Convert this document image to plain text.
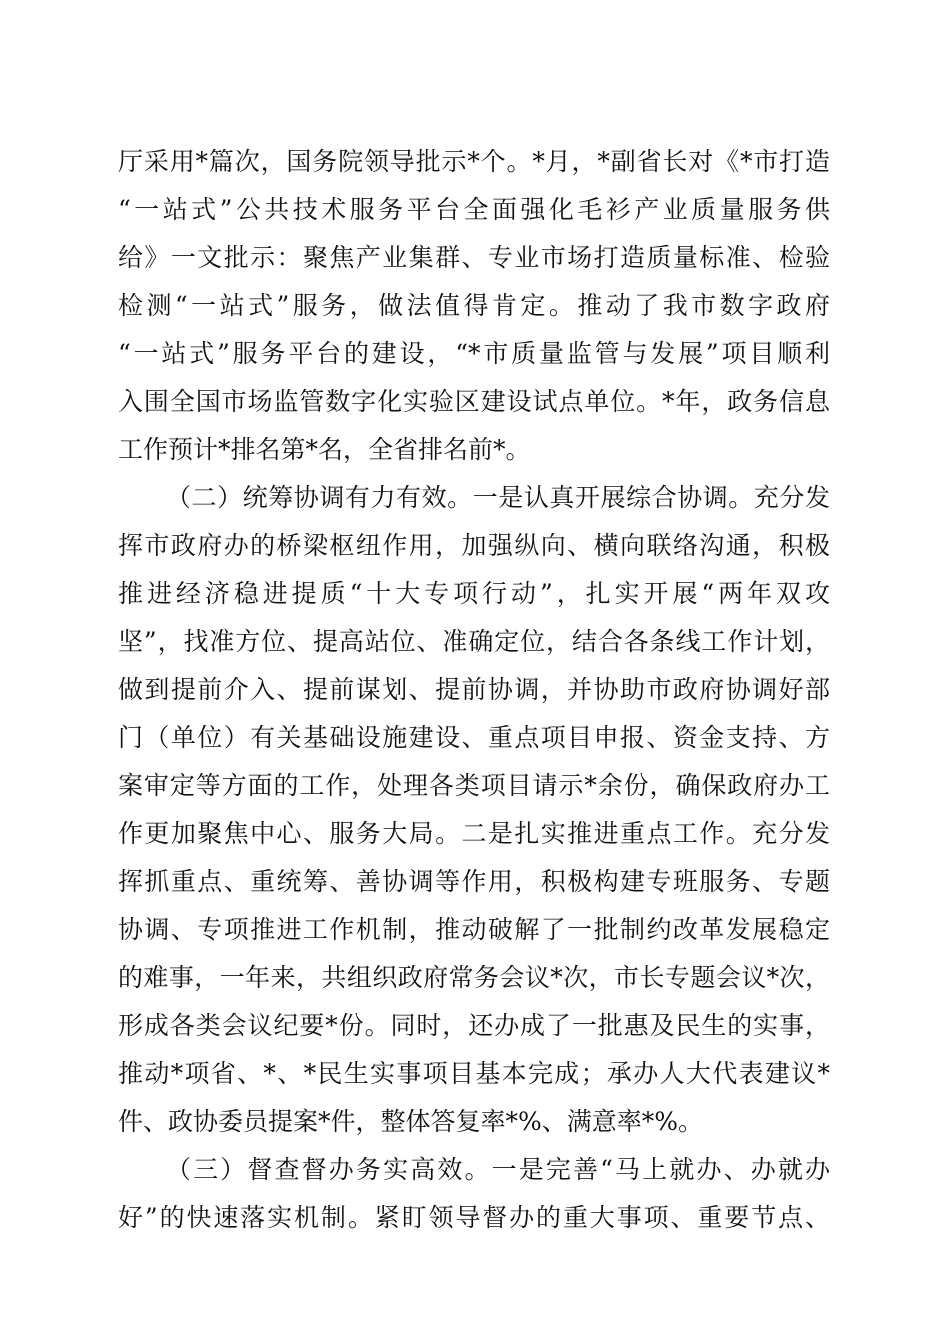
厅采用*篇次，国务院领导批示*个。*月，*副省长对《*市打造
“一站式”公共技术服务平台全面强化毛衫产业质量服务供
给》一文批示：聚焦产业集群、专业市场打造质量标准、检验
检测“一站式”服务，做法值得肯定。推动了我市数字政府
“一站式”服务平台的建设，“*市质量监管与发展”项目顺利
入围全国市场监管数字化实验区建设试点单位。*年，政务信息
工作预计*排名第*名，全省排名前*。
（二）统筹协调有力有效。一是认真开展综合协调。充分发
挥市政府办的桥梁枢纽作用，加强纵向、横向联络沟通，积极
推进经济稳进提质“十大专项行动”，扎实开展“两年双攻
坚”，找准方位、提高站位、准确定位，结合各条线工作计划，
做到提前介入、提前谋划、提前协调，并协助市政府协调好部
门（单位）有关基础设施建设、重点项目申报、资金支持、方
案审定等方面的工作，处理各类项目请示*余份，确保政府办工
作更加聚焦中心、服务大局。二是扎实推进重点工作。充分发
挥抓重点、重统筹、善协调等作用，积极构建专班服务、专题
协调、专项推进工作机制，推动破解了一批制约改革发展稳定
的难事，一年来，共组织政府常务会议*次，市长专题会议*次，
形成各类会议纪要*份。同时，还办成了一批惠及民生的实事，
推动*项省、*、*民生实事项目基本完成；承办人大代表建议*
件、政协委员提案*件，整体答复率*%、满意率*%。
（三）督查督办务实高效。一是完善“马上就办、办就办
好”的快速落实机制。紧盯领导督办的重大事项、重要节点、
